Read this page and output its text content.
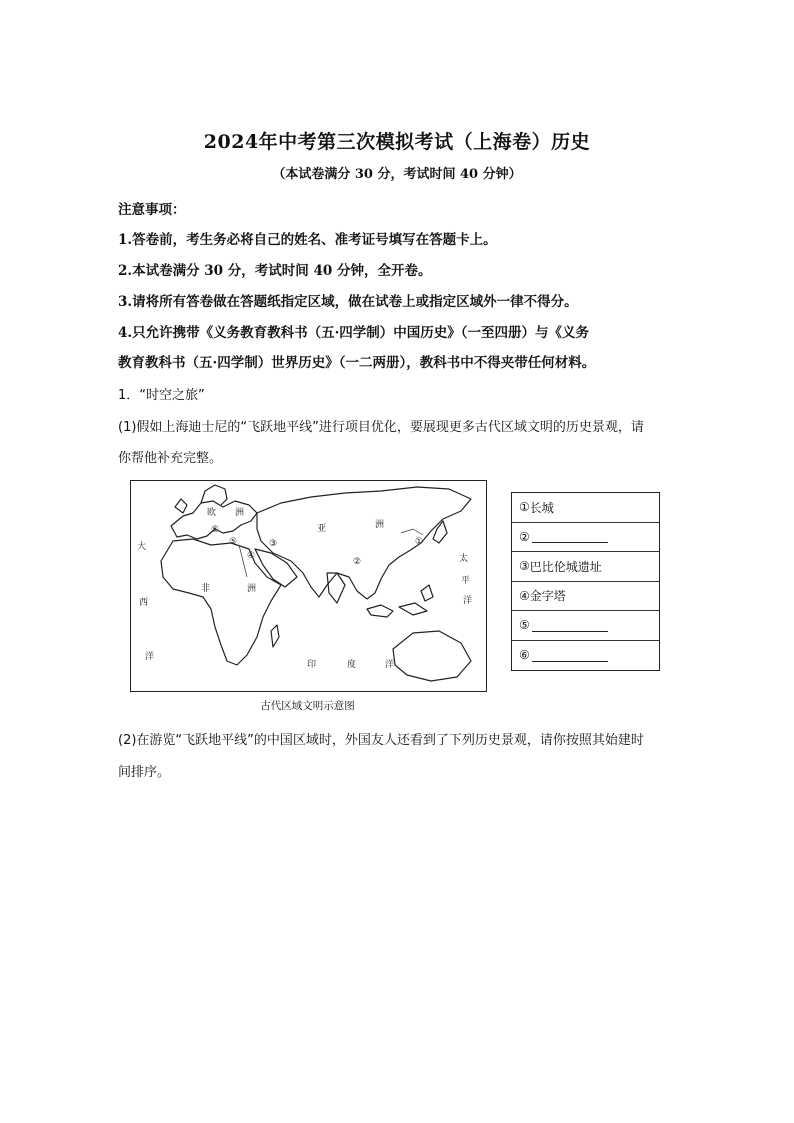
2024年中考第三次模拟考试（上海卷）历史
（本试卷满分 30 分，考试时间 40 分钟）
注意事项：
1.答卷前，考生务必将自己的姓名、准考证号填写在答题卡上。
2.本试卷满分 30 分，考试时间 40 分钟，全开卷。
3.请将所有答卷做在答题纸指定区域，做在试卷上或指定区域外一律不得分。
4.只允许携带《义务教育教科书（五·四学制）中国历史》（一至四册）与《义务
教育教科书（五·四学制）世界历史》（一二两册），教科书中不得夹带任何材料。
1．“时空之旅”
(1)假如上海迪士尼的“飞跃地平线”进行项目优化，要展现更多古代区域文明的历史景观，请
你帮他补充完整。
欧 洲
亚	洲
非	洲
大
西
洋
印	度	洋
太
平
洋
①
②
③
④
⑤
⑥
古代区域文明示意图
① 长城
②
③ 巴比伦城遗址
④ 金字塔
⑤
⑥
(2)在游览“飞跃地平线”的中国区域时，外国友人还看到了下列历史景观，请你按照其始建时
间排序。
